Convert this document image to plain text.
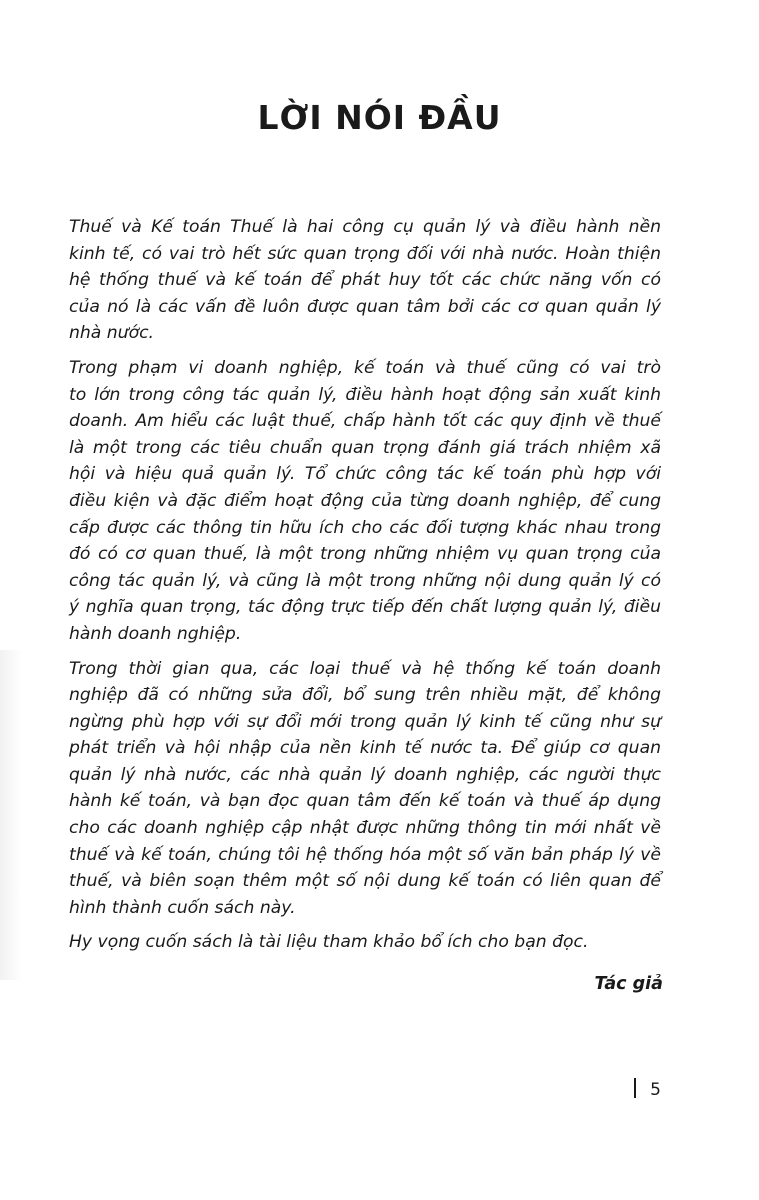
LỜI NÓI ĐẦU

Thuế và Kế toán Thuế là hai công cụ quản lý và điều hành nền
kinh tế, có vai trò hết sức quan trọng đối với nhà nước. Hoàn thiện
hệ thống thuế và kế toán để phát huy tốt các chức năng vốn có
của nó là các vấn đề luôn được quan tâm bởi các cơ quan quản lý
nhà nước.

Trong phạm vi doanh nghiệp, kế toán và thuế cũng có vai trò
to lớn trong công tác quản lý, điều hành hoạt động sản xuất kinh
doanh. Am hiểu các luật thuế, chấp hành tốt các quy định về thuế
là một trong các tiêu chuẩn quan trọng đánh giá trách nhiệm xã
hội và hiệu quả quản lý. Tổ chức công tác kế toán phù hợp với
điều kiện và đặc điểm hoạt động của từng doanh nghiệp, để cung
cấp được các thông tin hữu ích cho các đối tượng khác nhau trong
đó có cơ quan thuế, là một trong những nhiệm vụ quan trọng của
công tác quản lý, và cũng là một trong những nội dung quản lý có
ý nghĩa quan trọng, tác động trực tiếp đến chất lượng quản lý, điều
hành doanh nghiệp.

Trong thời gian qua, các loại thuế và hệ thống kế toán doanh
nghiệp đã có những sửa đổi, bổ sung trên nhiều mặt, để không
ngừng phù hợp với sự đổi mới trong quản lý kinh tế cũng như sự
phát triển và hội nhập của nền kinh tế nước ta. Để giúp cơ quan
quản lý nhà nước, các nhà quản lý doanh nghiệp, các người thực
hành kế toán, và bạn đọc quan tâm đến kế toán và thuế áp dụng
cho các doanh nghiệp cập nhật được những thông tin mới nhất về
thuế và kế toán, chúng tôi hệ thống hóa một số văn bản pháp lý về
thuế, và biên soạn thêm một số nội dung kế toán có liên quan để
hình thành cuốn sách này.

Hy vọng cuốn sách là tài liệu tham khảo bổ ích cho bạn đọc.

Tác giả
5
